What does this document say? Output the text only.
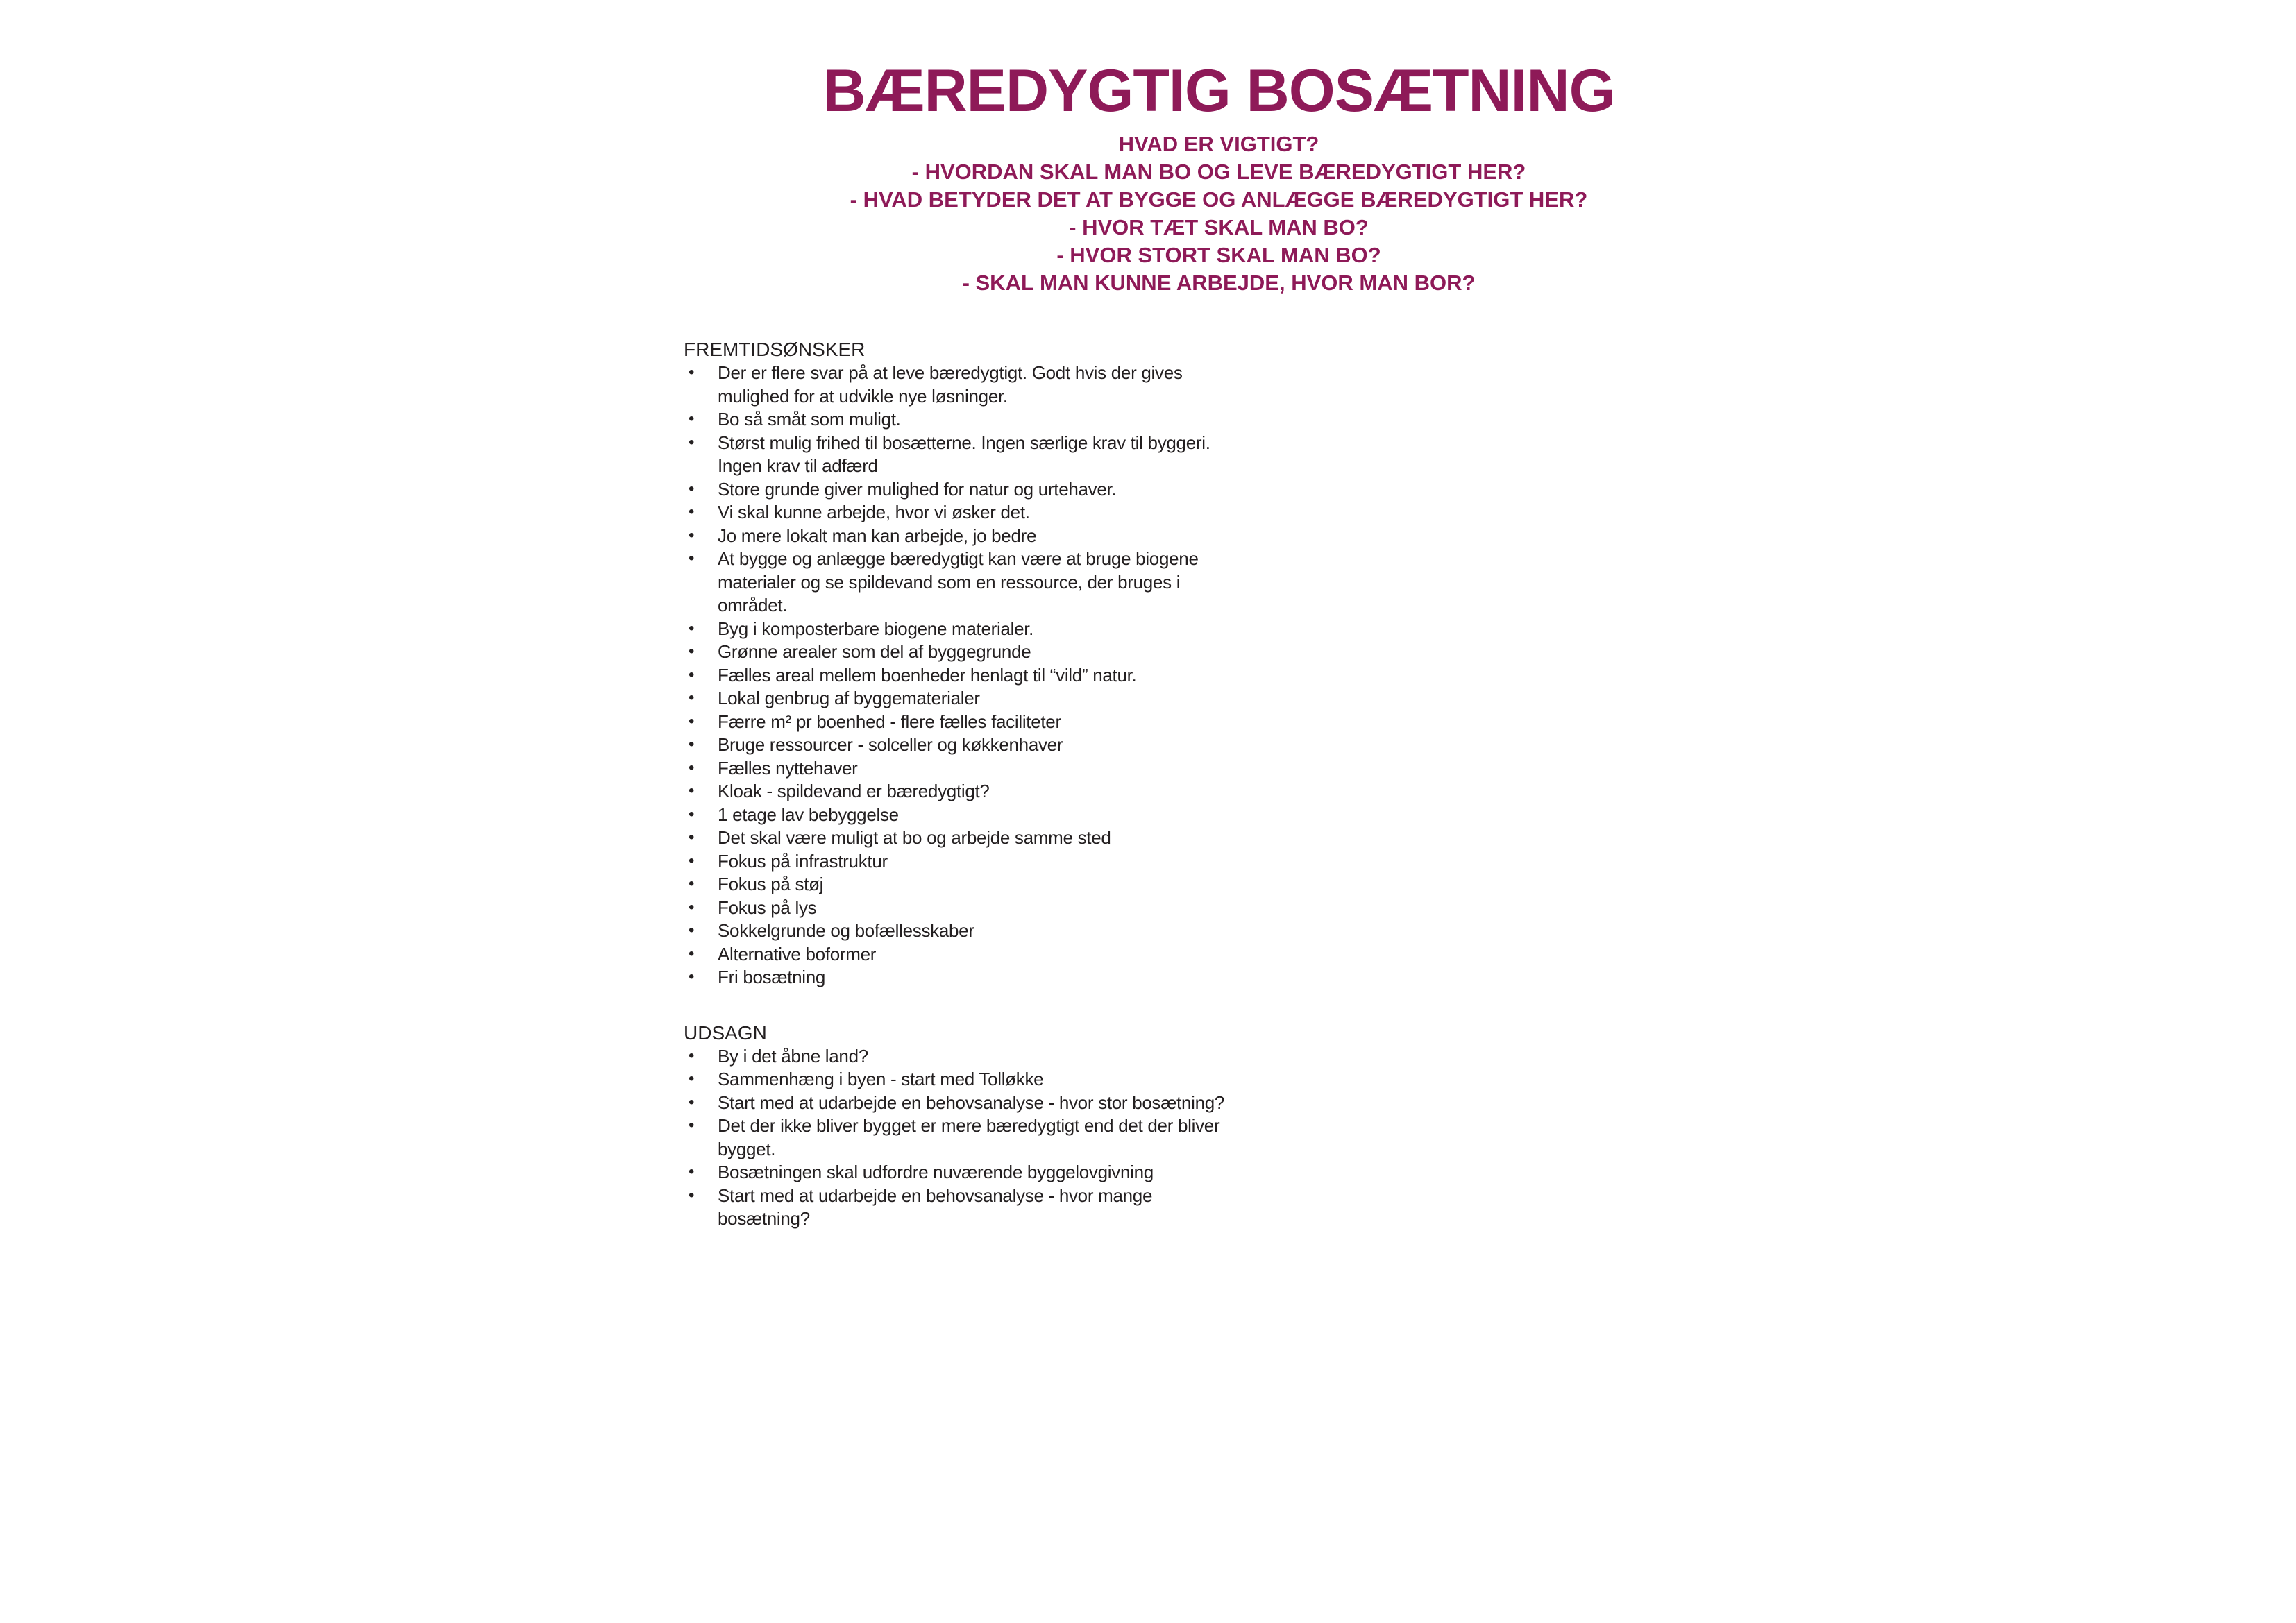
BÆREDYGTIG BOSÆTNING
HVAD ER VIGTIGT?
- HVORDAN SKAL MAN BO OG LEVE BÆREDYGTIGT HER?
- HVAD BETYDER DET AT BYGGE OG ANLÆGGE BÆREDYGTIGT HER?
- HVOR TÆT SKAL MAN BO?
- HVOR STORT SKAL MAN BO?
- SKAL MAN KUNNE ARBEJDE, HVOR MAN BOR?
FREMTIDSØNSKER
• Der er flere svar på at leve bæredygtigt. Godt hvis der gives mulighed for at udvikle nye løsninger.
• Bo så småt som muligt.
• Størst mulig frihed til bosætterne. Ingen særlige krav til byggeri. Ingen krav til adfærd
• Store grunde giver mulighed for natur og urtehaver.
• Vi skal kunne arbejde, hvor vi øsker det.
• Jo mere lokalt man kan arbejde, jo bedre
• At bygge og anlægge bæredygtigt kan være at bruge biogene materialer og se spildevand som en ressource, der bruges i området.
• Byg i komposterbare biogene materialer.
• Grønne arealer som del af byggegrunde
• Fælles areal mellem boenheder henlagt til “vild” natur.
• Lokal genbrug af byggematerialer
• Færre m² pr boenhed - flere fælles faciliteter
• Bruge ressourcer - solceller og køkkenhaver
• Fælles nyttehaver
• Kloak - spildevand er bæredygtigt?
• 1 etage lav bebyggelse
• Det skal være muligt at bo og arbejde samme sted
• Fokus på infrastruktur
• Fokus på støj
• Fokus på lys
• Sokkelgrunde og bofællesskaber
• Alternative boformer
• Fri bosætning
UDSAGN
• By i det åbne land?
• Sammenhæng i byen - start med Tolløkke
• Start med at udarbejde en behovsanalyse - hvor stor bosætning?
• Det der ikke bliver bygget er mere bæredygtigt end det der bliver bygget.
• Bosætningen skal udfordre nuværende byggelovgivning
• Start med at udarbejde en behovsanalyse - hvor mange bosætning?
